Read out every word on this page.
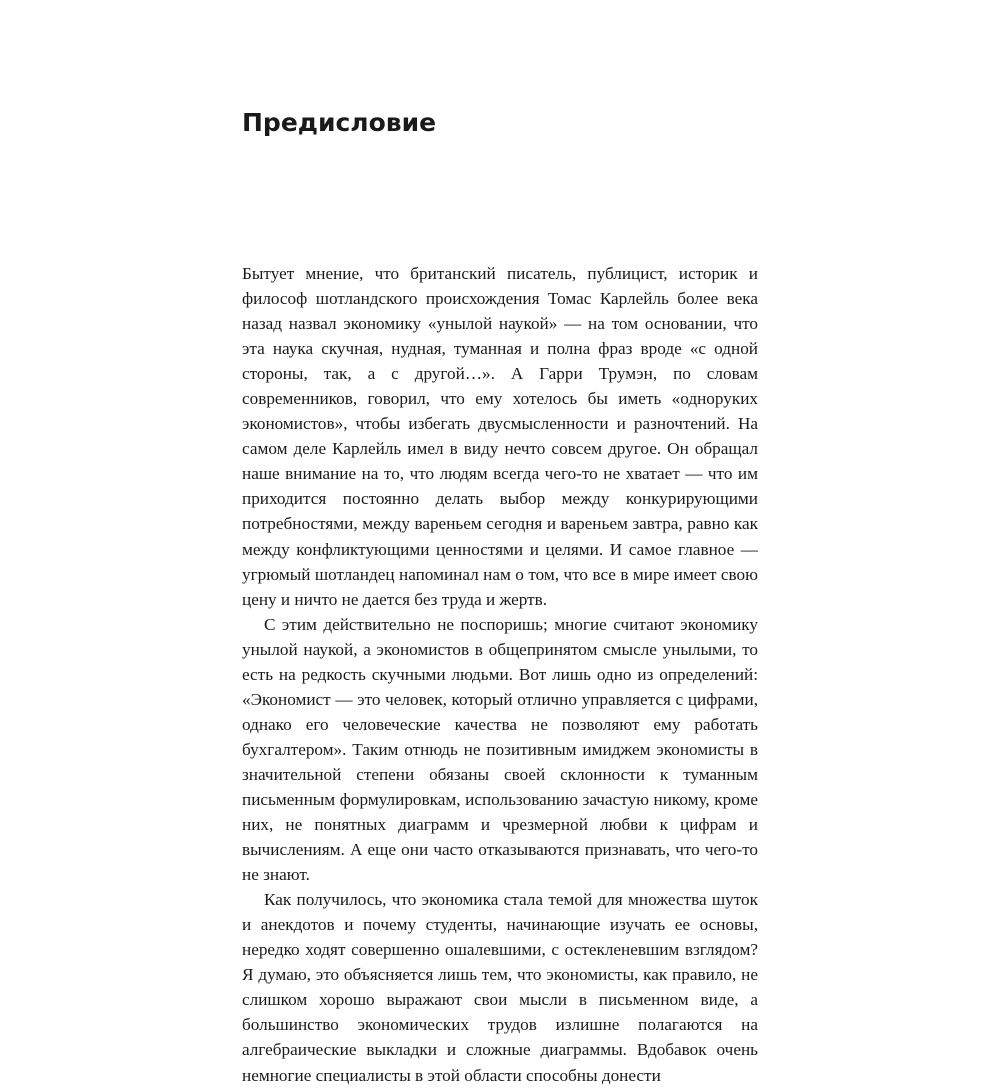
Предисловие

Бытует мнение, что британский писатель, публицист, историк и философ шотландского происхождения Томас Карлейль более века назад назвал экономику «унылой наукой» — на том основании, что эта наука скучная, нудная, туманная и полна фраз вроде «с одной стороны, так, а с другой…». А Гарри Трумэн, по словам современников, говорил, что ему хотелось бы иметь «одноруких экономистов», чтобы избегать двусмысленности и разночтений. На самом деле Карлейль имел в виду нечто совсем другое. Он обращал наше внимание на то, что людям всегда чего-то не хватает — что им приходится постоянно делать выбор между конкурирующими потребностями, между вареньем сегодня и вареньем завтра, равно как между конфликтующими ценностями и целями. И самое главное — угрюмый шотландец напоминал нам о том, что все в мире имеет свою цену и ничто не дается без труда и жертв.

С этим действительно не поспоришь; многие считают экономику унылой наукой, а экономистов в общепринятом смысле унылыми, то есть на редкость скучными людьми. Вот лишь одно из определений: «Экономист — это человек, который отлично управляется с цифрами, однако его человеческие качества не позволяют ему работать бухгалтером». Таким отнюдь не позитивным имиджем экономисты в значительной степени обязаны своей склонности к туманным письменным формулировкам, использованию зачастую никому, кроме них, не понятных диаграмм и чрезмерной любви к цифрам и вычислениям. А еще они часто отказываются признавать, что чего-то не знают.

Как получилось, что экономика стала темой для множества шуток и анекдотов и почему студенты, начинающие изучать ее основы, нередко ходят совершенно ошалевшими, с остекленевшим взглядом? Я думаю, это объясняется лишь тем, что экономисты, как правило, не слишком хорошо выражают свои мысли в письменном виде, а большинство экономических трудов излишне полагаются на алгебраические выкладки и сложные диаграммы. Вдобавок очень немногие специалисты в этой области способны донести
